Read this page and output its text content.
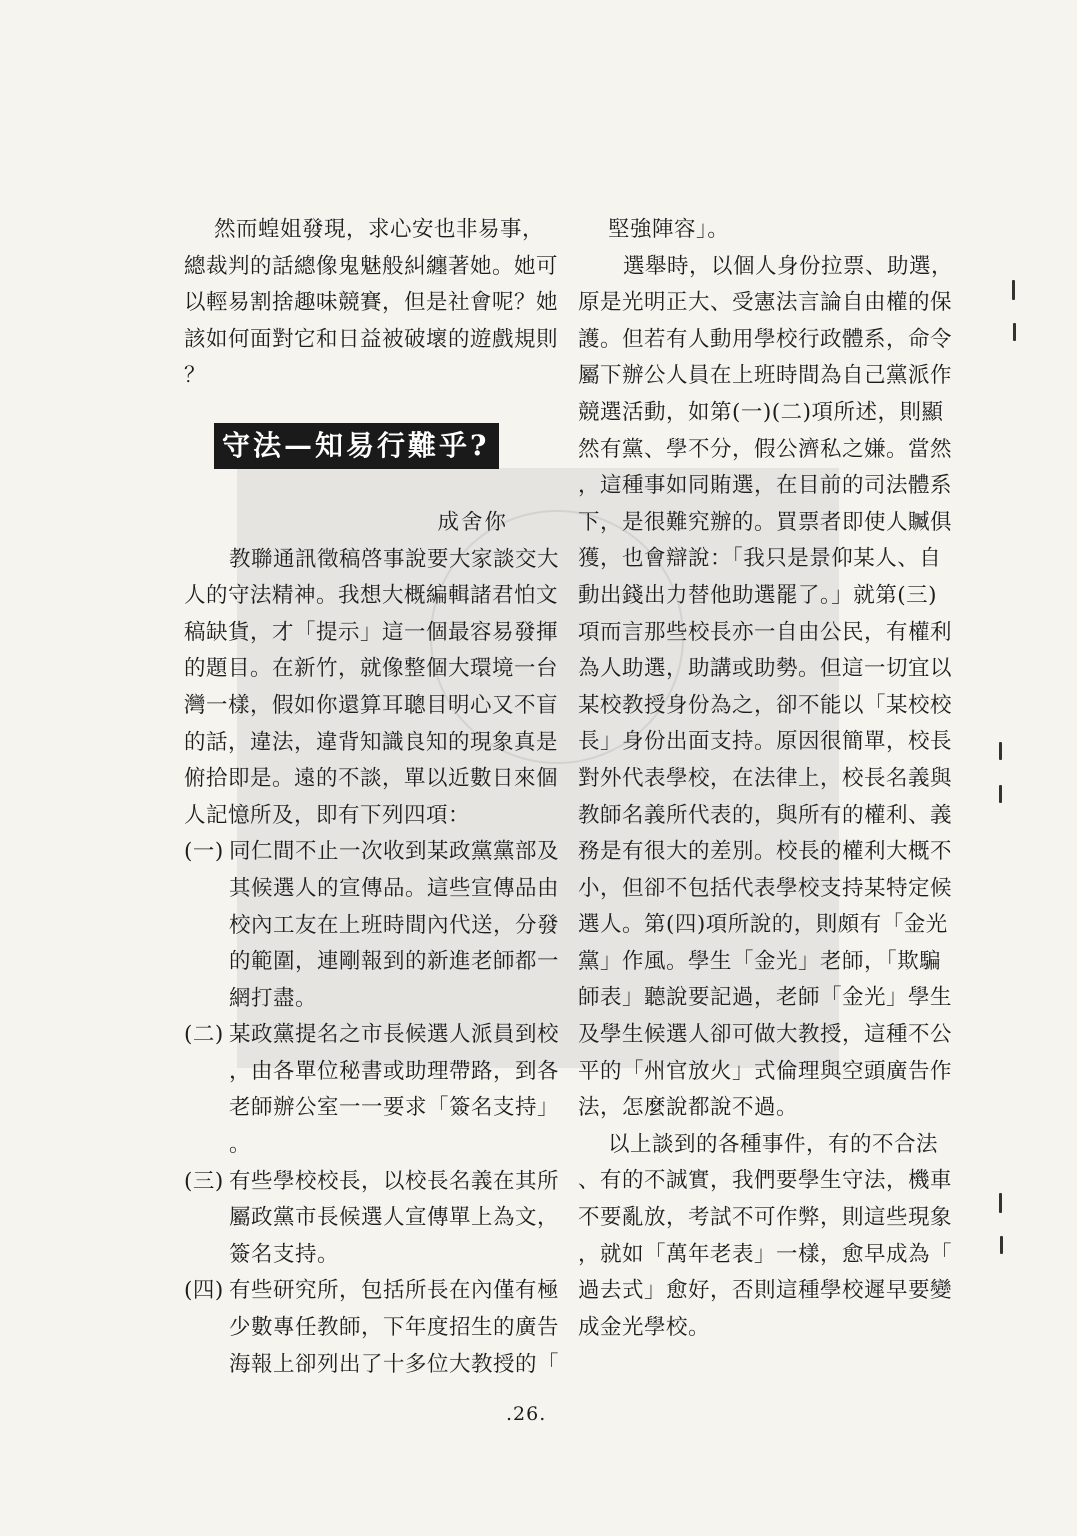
然而蝗姐發現，求心安也非易事，
總裁判的話總像鬼魅般糾纏著她。她可
以輕易割捨趣味競賽，但是社會呢？她
該如何面對它和日益被破壞的遊戲規則
？
守法—知易行難乎?
成舍你
教聯通訊徵稿啓事說要大家談交大
人的守法精神。我想大概編輯諸君怕文
稿缺貨，才「提示」這一個最容易發揮
的題目。在新竹，就像整個大環境一台
灣一樣，假如你還算耳聰目明心又不盲
的話，違法，違背知識良知的現象真是
俯拾即是。遠的不談，單以近數日來個
人記憶所及，即有下列四項：
(一) 同仁間不止一次收到某政黨黨部及
其候選人的宣傳品。這些宣傳品由
校內工友在上班時間內代送，分發
的範圍，連剛報到的新進老師都一
網打盡。
(二) 某政黨提名之市長候選人派員到校
，由各單位秘書或助理帶路，到各
老師辦公室一一要求「簽名支持」
。
(三) 有些學校校長，以校長名義在其所
屬政黨市長候選人宣傳單上為文，
簽名支持。
(四) 有些研究所，包括所長在內僅有極
少數專任教師，下年度招生的廣告
海報上卻列出了十多位大教授的「
堅強陣容」。
選舉時，以個人身份拉票、助選，
原是光明正大、受憲法言論自由權的保
護。但若有人動用學校行政體系，命令
屬下辦公人員在上班時間為自己黨派作
競選活動，如第(一)(二)項所述，則顯
然有黨、學不分，假公濟私之嫌。當然
，這種事如同賄選，在目前的司法體系
下，是很難究辦的。買票者即使人贓俱
獲，也會辯說：「我只是景仰某人、自
動出錢出力替他助選罷了。」就第(三)
項而言那些校長亦一自由公民，有權利
為人助選，助講或助勢。但這一切宜以
某校教授身份為之，卻不能以「某校校
長」身份出面支持。原因很簡單，校長
對外代表學校，在法律上，校長名義與
教師名義所代表的，與所有的權利、義
務是有很大的差別。校長的權利大概不
小，但卻不包括代表學校支持某特定候
選人。第(四)項所說的，則頗有「金光
黨」作風。學生「金光」老師，「欺騙
師表」聽說要記過，老師「金光」學生
及學生候選人卻可做大教授，這種不公
平的「州官放火」式倫理與空頭廣告作
法，怎麼說都說不過。
以上談到的各種事件，有的不合法
、有的不誠實，我們要學生守法，機車
不要亂放，考試不可作弊，則這些現象
，就如「萬年老表」一樣，愈早成為「
過去式」愈好，否則這種學校遲早要變
成金光學校。
.26.
